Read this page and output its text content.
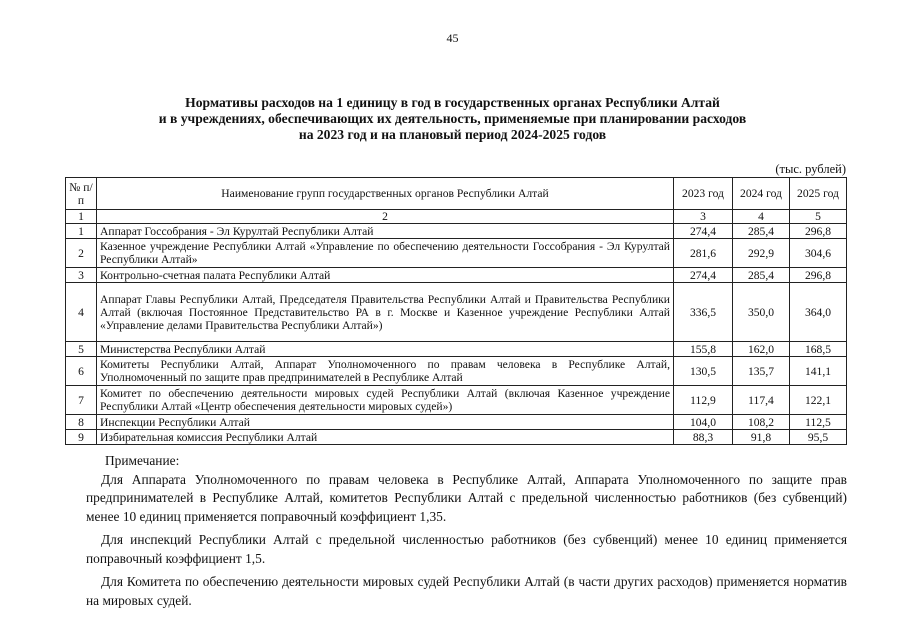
45
Нормативы расходов на 1 единицу в год в государственных органах Республики Алтай
и в учреждениях, обеспечивающих их деятельность, применяемые при планировании расходов
на 2023 год и на плановый период 2024-2025 годов
(тыс. рублей)
№ п/п	Наименование групп государственных органов Республики Алтай	2023 год	2024 год	2025 год
1	2	3	4	5
1	Аппарат Госсобрания - Эл Курултай Республики Алтай	274,4	285,4	296,8
2	Казенное учреждение Республики Алтай «Управление по обеспечению деятельности Госсобрания - Эл Курултай Республики Алтай»	281,6	292,9	304,6
3	Контрольно-счетная палата Республики Алтай	274,4	285,4	296,8
4	Аппарат Главы Республики Алтай, Председателя Правительства Республики Алтай и Правительства Республики Алтай (включая Постоянное Представительство РА в г. Москве и Казенное учреждение Республики Алтай «Управление делами Правительства Республики Алтай»)	336,5	350,0	364,0
5	Министерства Республики Алтай	155,8	162,0	168,5
6	Комитеты Республики Алтай, Аппарат Уполномоченного по правам человека в Республике Алтай, Уполномоченный по защите прав предпринимателей в Республике Алтай	130,5	135,7	141,1
7	Комитет по обеспечению деятельности мировых судей Республики Алтай (включая Казенное учреждение Республики Алтай «Центр обеспечения деятельности мировых судей»)	112,9	117,4	122,1
8	Инспекции Республики Алтай	104,0	108,2	112,5
9	Избирательная комиссия Республики Алтай	88,3	91,8	95,5

Примечание:

Для Аппарата Уполномоченного по правам человека в Республике Алтай, Аппарата Уполномоченного по защите прав предпринимателей в Республике Алтай, комитетов Республики Алтай с предельной численностью работников (без субвенций) менее 10 единиц применяется поправочный коэффициент 1,35.

Для инспекций Республики Алтай с предельной численностью работников (без субвенций) менее 10 единиц применяется поправочный коэффициент 1,5.

Для Комитета по обеспечению деятельности мировых судей Республики Алтай (в части других расходов) применяется норматив на мировых судей.
